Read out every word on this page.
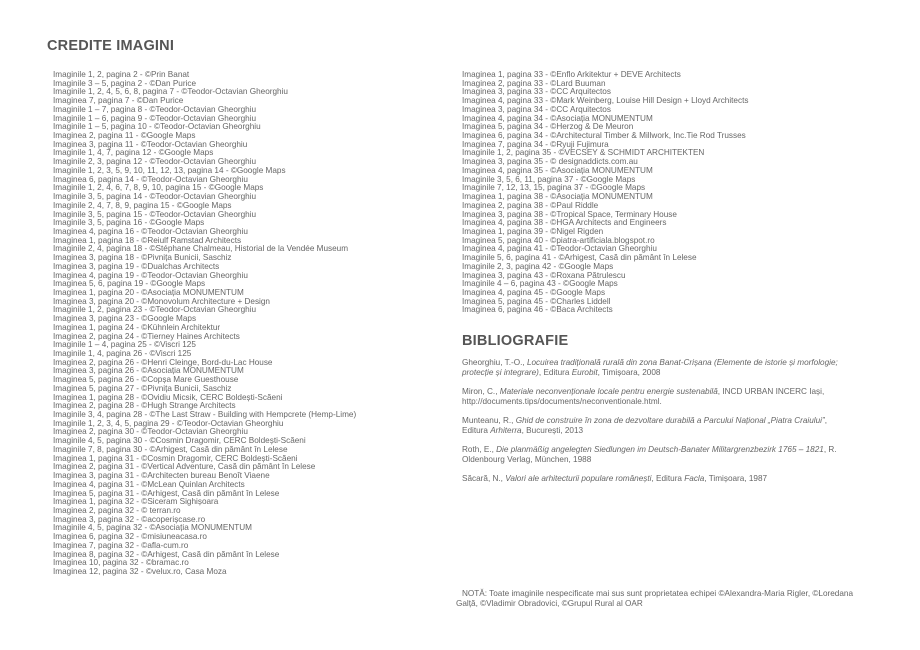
CREDITE IMAGINI
Imaginile 1, 2, pagina 2 - ©Prin Banat
Imaginile 3 – 5, pagina 2 - ©Dan Purice
Imaginile 1, 2, 4, 5, 6, 8, pagina 7 - ©Teodor-Octavian Gheorghiu
Imaginea 7, pagina 7 - ©Dan Purice
Imaginile 1 – 7, pagina 8 - ©Teodor-Octavian Gheorghiu
Imaginile 1 – 6, pagina 9 - ©Teodor-Octavian Gheorghiu
Imaginile 1 – 5, pagina 10 - ©Teodor-Octavian Gheorghiu
Imaginea 2, pagina 11 - ©Google Maps
Imaginea 3, pagina 11 - ©Teodor-Octavian Gheorghiu
Imaginile 1, 4, 7, pagina 12 - ©Google Maps
Imaginile 2, 3, pagina 12 - ©Teodor-Octavian Gheorghiu
Imaginile 1, 2, 3, 5, 9, 10, 11, 12, 13, pagina 14 - ©Google Maps
Imaginea 6, pagina 14 - ©Teodor-Octavian Gheorghiu
Imaginile 1, 2, 4, 6, 7, 8, 9, 10, pagina 15 - ©Google Maps
Imaginile 3, 5, pagina 14 - ©Teodor-Octavian Gheorghiu
Imaginile 2, 4, 7, 8, 9, pagina 15 - ©Google Maps
Imaginile 3, 5, pagina 15 - ©Teodor-Octavian Gheorghiu
Imaginile 3, 5, pagina 16 - ©Google Maps
Imaginea 4, pagina 16 - ©Teodor-Octavian Gheorghiu
Imaginea 1, pagina 18 - ©Reiulf Ramstad Architects
Imaginile 2, 4, pagina 18 - ©Stéphane Chalmeau, Historial de la Vendée Museum
Imaginea 3, pagina 18 - ©Pivnița Bunicii, Saschiz
Imaginea 3, pagina 19 - ©Dualchas Architects
Imaginea 4, pagina 19 - ©Teodor-Octavian Gheorghiu
Imaginea 5, 6, pagina 19 - ©Google Maps
Imaginea 1, pagina 20 - ©Asociația MONUMENTUM
Imaginea 3, pagina 20 - ©Monovolum Architecture + Design
Imaginile 1, 2, pagina 23 - ©Teodor-Octavian Gheorghiu
Imaginea 3, pagina 23 - ©Google Maps
Imaginea 1, pagina 24 - ©Kühnlein Architektur
Imaginea 2, pagina 24 - ©Tierney Haines Architects
Imaginile 1 – 4, pagina 25 - ©Viscri 125
Imaginile 1, 4, pagina 26 - ©Viscri 125
Imaginea 2, pagina 26 - ©Henri Cleinge, Bord-du-Lac House
Imaginea 3, pagina 26 - ©Asociația MONUMENTUM
Imaginea 5, pagina 26 - ©Copșa Mare Guesthouse
Imaginea 5, pagina 27 - ©Pivnița Bunicii, Saschiz
Imaginea 1, pagina 28 - ©Ovidiu Micsik, CERC Boldești-Scăeni
Imaginea 2, pagina 28 - ©Hugh Strange Architects
Imaginile 3, 4, pagina 28 - ©The Last Straw - Building with Hempcrete (Hemp-Lime)
Imaginile 1, 2, 3, 4, 5, pagina 29 - ©Teodor-Octavian Gheorghiu
Imaginea 2, pagina 30 - ©Teodor-Octavian Gheorghiu
Imaginile 4, 5, pagina 30 - ©Cosmin Dragomir, CERC Boldești-Scăeni
Imaginile 7, 8, pagina 30 - ©Arhigest, Casă din pământ în Lelese
Imaginea 1, pagina 31 - ©Cosmin Dragomir, CERC Boldești-Scăeni
Imaginea 2, pagina 31 - ©Vertical Adventure, Casă din pământ în Lelese
Imaginea 3, pagina 31 - ©Architecten bureau Benoît Viaene
Imaginea 4, pagina 31 - ©McLean Quinlan Architects
Imaginea 5, pagina 31 - ©Arhigest, Casă din pământ în Lelese
Imaginea 1, pagina 32 - ©Siceram Sighișoara
Imaginea 2, pagina 32 - © terran.ro
Imaginea 3, pagina 32 - ©acoperișcase.ro
Imaginile 4, 5, pagina 32 - ©Asociația MONUMENTUM
Imaginea 6, pagina 32 - ©misiuneacasa.ro
Imaginea 7, pagina 32 - ©afla-cum.ro
Imaginea 8, pagina 32 - ©Arhigest, Casă din pământ în Lelese
Imaginea 10, pagina 32 - ©bramac.ro
Imaginea 12, pagina 32 - ©velux.ro, Casa Moza
Imaginea 1, pagina 33 - ©Enflo Arkitektur + DEVE Architects
Imaginea 2, pagina 33 - ©Lard Buuman
Imaginea 3, pagina 33 - ©CC Arquitectos
Imaginea 4, pagina 33 - ©Mark Weinberg, Louise Hill Design + Lloyd Architects
Imaginea 3, pagina 34 - ©CC Arquitectos
Imaginea 4, pagina 34 - ©Asociația MONUMENTUM
Imaginea 5, pagina 34 - ©Herzog & De Meuron
Imaginea 6, pagina 34 - ©Architectural Timber & Millwork, Inc.Tie Rod Trusses
Imaginea 7, pagina 34 - ©Ryuji Fujimura
Imaginile 1, 2, pagina 35 - ©VECSEY & SCHMIDT ARCHITEKTEN
Imaginea 3, pagina 35 - © designaddicts.com.au
Imaginea 4, pagina 35 - ©Asociația MONUMENTUM
Imaginile 3, 5, 6, 11, pagina 37 - ©Google Maps
Imaginile 7, 12, 13, 15, pagina 37 - ©Google Maps
Imaginea 1, pagina 38 - ©Asociația MONUMENTUM
Imaginea 2, pagina 38 - ©Paul Riddle
Imaginea 3, pagina 38 - ©Tropical Space, Terminary House
Imaginea 4, pagina 38 - ©HGA Architects and Engineers
Imaginea 1, pagina 39 - ©Nigel Rigden
Imaginea 5, pagina 40 - ©piatra-artificiala.blogspot.ro
Imaginea 4, pagina 41 - ©Teodor-Octavian Gheorghiu
Imaginile 5, 6, pagina 41 - ©Arhigest, Casă din pământ în Lelese
Imaginile 2, 3, pagina 42 - ©Google Maps
Imaginea 3, pagina 43 - ©Roxana Pătrulescu
Imaginile 4 – 6, pagina 43 - ©Google Maps
Imaginea 4, pagina 45 - ©Google Maps
Imaginea 5, pagina 45 - ©Charles Liddell
Imaginea 6, pagina 46 - ©Baca Architects
BIBLIOGRAFIE
Gheorghiu, T.-O., Locuirea tradițională rurală din zona Banat-Crișana (Elemente de istorie și morfologie; protecție și integrare), Editura Eurobit, Timișoara, 2008
Miron, C., Materiale neconvenționale locale pentru energie sustenabilă, INCD URBAN INCERC Iași, http://documents.tips/documents/neconventionale.html.
Munteanu, R., Ghid de construire în zona de dezvoltare durabilă a Parcului Național „Piatra Craiului”, Editura Arhiterra, București, 2013
Roth, E., Die planmäßig angelegten Siedlungen im Deutsch-Banater Militargrenzbezirk 1765 – 1821, R. Oldenbourg Verlag, München, 1988
Săcară, N., Valori ale arhitecturii populare românești, Editura Facla, Timișoara, 1987
NOTĂ: Toate imaginile nespecificate mai sus sunt proprietatea echipei ©Alexandra-Maria Rigler, ©Loredana Galță, ©Vladimir Obradovici, ©Grupul Rural al OAR
